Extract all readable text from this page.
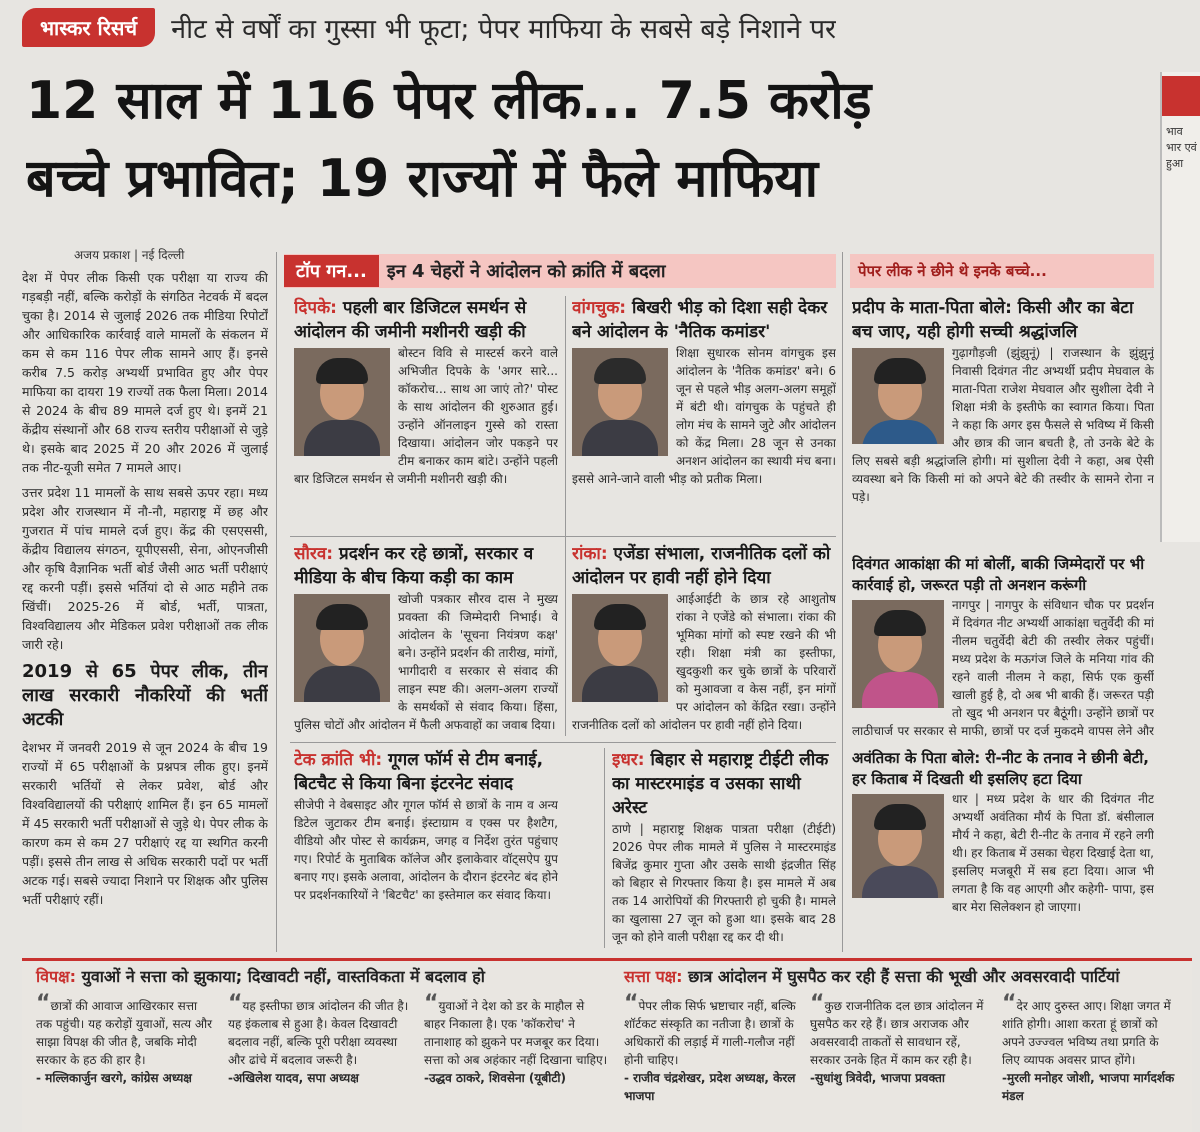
भास्कर रिसर्च	नीट से वर्षों का गुस्सा भी फूटा; पेपर माफिया के सबसे बड़े निशाने पर
12 साल में 116 पेपर लीक... 7.5 करोड़
बच्चे प्रभावित; 19 राज्यों में फैले माफिया
भाव भार एवं हुआ
अजय प्रकाश | नई दिल्ली

देश में पेपर लीक किसी एक परीक्षा या राज्य की गड़बड़ी नहीं, बल्कि करोड़ों के संगठित नेटवर्क में बदल चुका है। 2014 से जुलाई 2026 तक मीडिया रिपोर्टों और आधिकारिक कार्रवाई वाले मामलों के संकलन में कम से कम 116 पेपर लीक सामने आए हैं। इनसे करीब 7.5 करोड़ अभ्यर्थी प्रभावित हुए और पेपर माफिया का दायरा 19 राज्यों तक फैला मिला। 2014 से 2024 के बीच 89 मामले दर्ज हुए थे। इनमें 21 केंद्रीय संस्थानों और 68 राज्य स्तरीय परीक्षाओं से जुड़े थे। इसके बाद 2025 में 20 और 2026 में जुलाई तक नीट-यूजी समेत 7 मामले आए।

उत्तर प्रदेश 11 मामलों के साथ सबसे ऊपर रहा। मध्य प्रदेश और राजस्थान में नौ-नौ, महाराष्ट्र में छह और गुजरात में पांच मामले दर्ज हुए। केंद्र की एसएससी, केंद्रीय विद्यालय संगठन, यूपीएससी, सेना, ओएनजीसी और कृषि वैज्ञानिक भर्ती बोर्ड जैसी आठ भर्ती परीक्षाएं रद्द करनी पड़ीं। इससे भर्तियां दो से आठ महीने तक खिंचीं। 2025-26 में बोर्ड, भर्ती, पात्रता, विश्वविद्यालय और मेडिकल प्रवेश परीक्षाओं तक लीक जारी रहे।

2019 से 65 पेपर लीक, तीन लाख सरकारी नौकरियों की भर्ती अटकी

देशभर में जनवरी 2019 से जून 2024 के बीच 19 राज्यों में 65 परीक्षाओं के प्रश्नपत्र लीक हुए। इनमें सरकारी भर्तियों से लेकर प्रवेश, बोर्ड और विश्वविद्यालयों की परीक्षाएं शामिल हैं। इन 65 मामलों में 45 सरकारी भर्ती परीक्षाओं से जुड़े थे। पेपर लीक के कारण कम से कम 27 परीक्षाएं रद्द या स्थगित करनी पड़ीं। इससे तीन लाख से अधिक सरकारी पदों पर भर्ती अटक गई। सबसे ज्यादा निशाने पर शिक्षक और पुलिस भर्ती परीक्षाएं रहीं।

टॉप गन...	इन 4 चेहरों ने आंदोलन को क्रांति में बदला
दिपके: पहली बार डिजिटल समर्थन से आंदोलन की जमीनी मशीनरी खड़ी की
बोस्टन विवि से मास्टर्स करने वाले अभिजीत दिपके के 'अगर सारे... कॉकरोच... साथ आ जाएं तो?' पोस्ट के साथ आंदोलन की शुरुआत हुई। उन्होंने ऑनलाइन गुस्से को रास्ता दिखाया। आंदोलन जोर पकड़ने पर टीम बनाकर काम बांटे। उन्होंने पहली बार डिजिटल समर्थन से जमीनी मशीनरी खड़ी की।
वांगचुक: बिखरी भीड़ को दिशा सही देकर बने आंदोलन के 'नैतिक कमांडर'
शिक्षा सुधारक सोनम वांगचुक इस आंदोलन के 'नैतिक कमांडर' बने। 6 जून से पहले भीड़ अलग-अलग समूहों में बंटी थी। वांगचुक के पहुंचते ही लोग मंच के सामने जुटे और आंदोलन को केंद्र मिला। 28 जून से उनका अनशन आंदोलन का स्थायी मंच बना। इससे आने-जाने वाली भीड़ को प्रतीक मिला।
सौरव: प्रदर्शन कर रहे छात्रों, सरकार व मीडिया के बीच किया कड़ी का काम
खोजी पत्रकार सौरव दास ने मुख्य प्रवक्ता की जिम्मेदारी निभाई। वे आंदोलन के 'सूचना नियंत्रण कक्ष' बने। उन्होंने प्रदर्शन की तारीख, मांगों, भागीदारी व सरकार से संवाद की लाइन स्पष्ट की। अलग-अलग राज्यों के समर्थकों से संवाद किया। हिंसा, पुलिस चोटों और आंदोलन में फैली अफवाहों का जवाब दिया।
रांका: एजेंडा संभाला, राजनीतिक दलों को आंदोलन पर हावी नहीं होने दिया
आईआईटी के छात्र रहे आशुतोष रांका ने एजेंडे को संभाला। रांका की भूमिका मांगों को स्पष्ट रखने की भी रही। शिक्षा मंत्री का इस्तीफा, खुदकुशी कर चुके छात्रों के परिवारों को मुआवजा व केस नहीं, इन मांगों पर आंदोलन को केंद्रित रखा। उन्होंने राजनीतिक दलों को आंदोलन पर हावी नहीं होने दिया।
टेक क्रांति भी: गूगल फॉर्म से टीम बनाई, बिटचैट से किया बिना इंटरनेट संवाद
सीजेपी ने वेबसाइट और गूगल फॉर्म से छात्रों के नाम व अन्य डिटेल जुटाकर टीम बनाई। इंस्टाग्राम व एक्स पर हैशटैग, वीडियो और पोस्ट से कार्यक्रम, जगह व निर्देश तुरंत पहुंचाए गए। रिपोर्ट के मुताबिक कॉलेज और इलाकेवार वॉट्सऐप ग्रुप बनाए गए। इसके अलावा, आंदोलन के दौरान इंटरनेट बंद होने पर प्रदर्शनकारियों ने 'बिटचैट' का इस्तेमाल कर संवाद किया।
इधर: बिहार से महाराष्ट्र टीईटी लीक का मास्टरमाइंड व उसका साथी अरेस्ट
ठाणे | महाराष्ट्र शिक्षक पात्रता परीक्षा (टीईटी) 2026 पेपर लीक मामले में पुलिस ने मास्टरमाइंड बिजेंद्र कुमार गुप्ता और उसके साथी इंद्रजीत सिंह को बिहार से गिरफ्तार किया है। इस मामले में अब तक 14 आरोपियों की गिरफ्तारी हो चुकी है। मामले का खुलासा 27 जून को हुआ था। इसके बाद 28 जून को होने वाली परीक्षा रद्द कर दी थी।
पेपर लीक ने छीने थे इनके बच्चे...
प्रदीप के माता-पिता बोले: किसी और का बेटा बच जाए, यही होगी सच्ची श्रद्धांजलि
गुढ़ागौड़जी (झुंझुनूं) | राजस्थान के झुंझुनूं निवासी दिवंगत नीट अभ्यर्थी प्रदीप मेघवाल के माता-पिता राजेश मेघवाल और सुशीला देवी ने शिक्षा मंत्री के इस्तीफे का स्वागत किया। पिता ने कहा कि अगर इस फैसले से भविष्य में किसी और छात्र की जान बचती है, तो उनके बेटे के लिए सबसे बड़ी श्रद्धांजलि होगी। मां सुशीला देवी ने कहा, अब ऐसी व्यवस्था बने कि किसी मां को अपने बेटे की तस्वीर के सामने रोना न पड़े।
दिवंगत आकांक्षा की मां बोलीं, बाकी जिम्मेदारों पर भी कार्रवाई हो, जरूरत पड़ी तो अनशन करूंगी
नागपुर | नागपुर के संविधान चौक पर प्रदर्शन में दिवंगत नीट अभ्यर्थी आकांक्षा चतुर्वेदी की मां नीलम चतुर्वेदी बेटी की तस्वीर लेकर पहुंचीं। मध्य प्रदेश के मऊगंज जिले के मनिया गांव की रहने वाली नीलम ने कहा, सिर्फ एक कुर्सी खाली हुई है, दो अब भी बाकी हैं। जरूरत पड़ी तो खुद भी अनशन पर बैठूंगी। उन्होंने छात्रों पर लाठीचार्ज पर सरकार से माफी, छात्रों पर दर्ज मुकदमे वापस लेने और
अवंतिका के पिता बोले: री-नीट के तनाव ने छीनी बेटी, हर किताब में दिखती थी इसलिए हटा दिया
धार | मध्य प्रदेश के धार की दिवंगत नीट अभ्यर्थी अवंतिका मौर्य के पिता डॉ. बंसीलाल मौर्य ने कहा, बेटी री-नीट के तनाव में रहने लगी थी। हर किताब में उसका चेहरा दिखाई देता था, इसलिए मजबूरी में सब हटा दिया। आज भी लगता है कि वह आएगी और कहेगी- पापा, इस बार मेरा सिलेक्शन हो जाएगा।
विपक्ष: युवाओं ने सत्ता को झुकाया; दिखावटी नहीं, वास्तविकता में बदलाव हो	सत्ता पक्ष: छात्र आंदोलन में घुसपैठ कर रही हैं सत्ता की भूखी और अवसरवादी पार्टियां
“छात्रों की आवाज आखिरकार सत्ता तक पहुंची। यह करोड़ों युवाओं, सत्य और साझा विपक्ष की जीत है, जबकि मोदी सरकार के हठ की हार है।
- मल्लिकार्जुन खरगे, कांग्रेस अध्यक्ष
“यह इस्तीफा छात्र आंदोलन की जीत है। यह इंकलाब से हुआ है। केवल दिखावटी बदलाव नहीं, बल्कि पूरी परीक्षा व्यवस्था और ढांचे में बदलाव जरूरी है।
-अखिलेश यादव, सपा अध्यक्ष
“युवाओं ने देश को डर के माहौल से बाहर निकाला है। एक 'कॉकरोच' ने तानाशाह को झुकने पर मजबूर कर दिया। सत्ता को अब अहंकार नहीं दिखाना चाहिए।
-उद्धव ठाकरे, शिवसेना (यूबीटी)
“पेपर लीक सिर्फ भ्रष्टाचार नहीं, बल्कि शॉर्टकट संस्कृति का नतीजा है। छात्रों के अधिकारों की लड़ाई में गाली-गलौज नहीं होनी चाहिए।
- राजीव चंद्रशेखर, प्रदेश अध्यक्ष, केरल भाजपा
“कुछ राजनीतिक दल छात्र आंदोलन में घुसपैठ कर रहे हैं। छात्र अराजक और अवसरवादी ताकतों से सावधान रहें, सरकार उनके हित में काम कर रही है।
-सुधांशु त्रिवेदी, भाजपा प्रवक्ता
“देर आए दुरुस्त आए। शिक्षा जगत में शांति होगी। आशा करता हूं छात्रों को अपने उज्ज्वल भविष्य तथा प्रगति के लिए व्यापक अवसर प्राप्त होंगे।
-मुरली मनोहर जोशी, भाजपा मार्गदर्शक मंडल
